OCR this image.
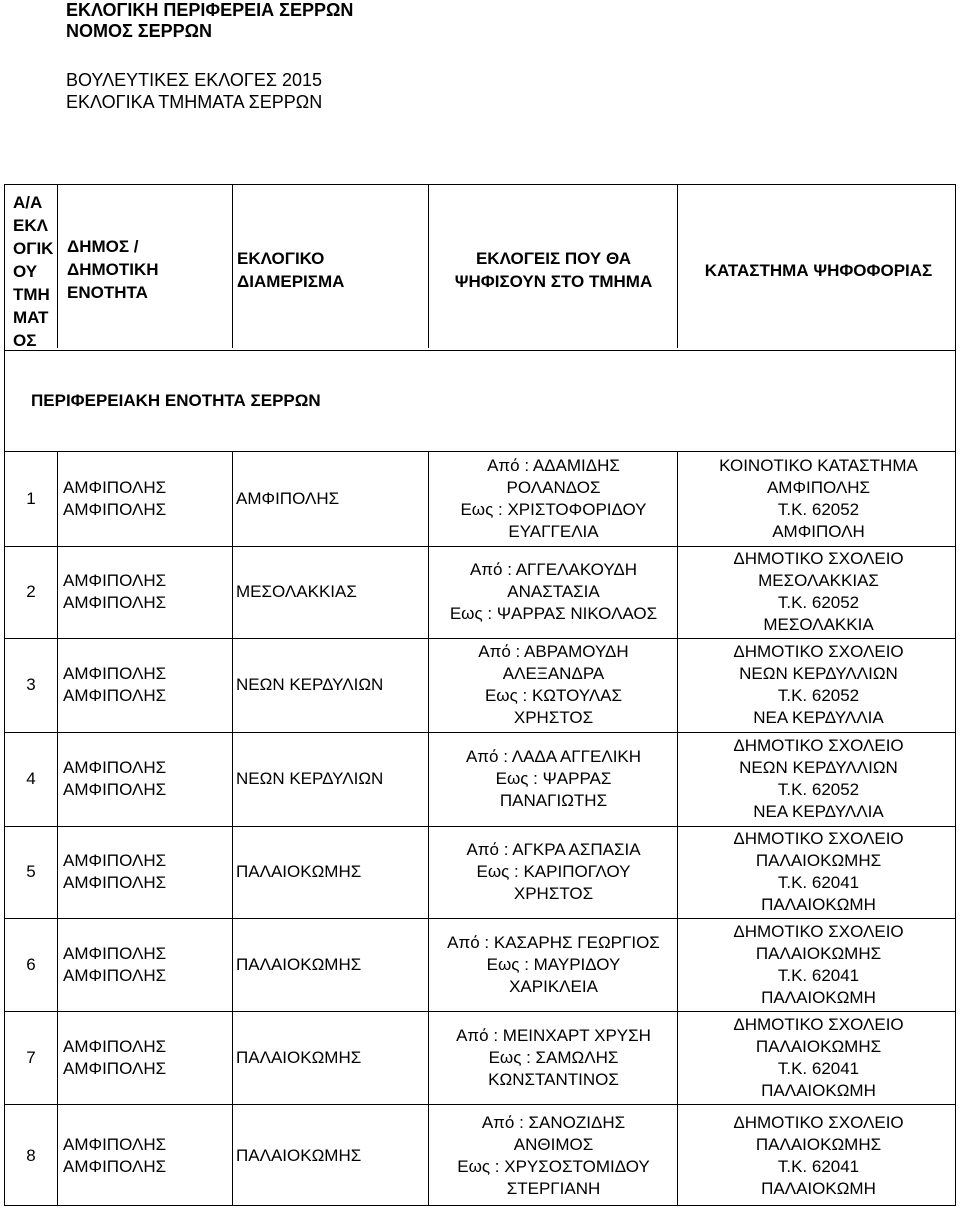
ΕΚΛΟΓΙΚΗ ΠΕΡΙΦΕΡΕΙΑ ΣΕΡΡΩΝ
ΝΟΜΟΣ ΣΕΡΡΩΝ
ΒΟΥΛΕΥΤΙΚΕΣ ΕΚΛΟΓΕΣ 2015
ΕΚΛΟΓΙΚΑ ΤΜΗΜΑΤΑ ΣΕΡΡΩΝ
Α/Α
ΕΚΛ
ΟΓΙΚ
ΟΥ
ΤΜΗ
ΜΑΤ
ΟΣ
ΔΗΜΟΣ /
ΔΗΜΟΤΙΚΗ
ΕΝΟΤΗΤΑ
ΕΚΛΟΓΙΚΟ
ΔΙΑΜΕΡΙΣΜΑ
ΕΚΛΟΓΕΙΣ ΠΟΥ ΘΑ
ΨΗΦΙΣΟΥΝ ΣΤΟ ΤΜΗΜΑ
ΚΑΤΑΣΤΗΜΑ ΨΗΦΟΦΟΡΙΑΣ
ΠΕΡΙΦΕΡΕΙΑΚΗ ΕΝΟΤΗΤΑ ΣΕΡΡΩΝ
1
ΑΜΦΙΠΟΛΗΣ
ΑΜΦΙΠΟΛΗΣ
ΑΜΦΙΠΟΛΗΣ
Από : ΑΔΑΜΙΔΗΣ
ΡΟΛΑΝΔΟΣ
Εως : ΧΡΙΣΤΟΦΟΡΙΔΟΥ
ΕΥΑΓΓΕΛΙΑ
ΚΟΙΝΟΤΙΚΟ ΚΑΤΑΣΤΗΜΑ
ΑΜΦΙΠΟΛΗΣ
Τ.Κ. 62052
ΑΜΦΙΠΟΛΗ
2
ΑΜΦΙΠΟΛΗΣ
ΑΜΦΙΠΟΛΗΣ
ΜΕΣΟΛΑΚΚΙΑΣ
Από : ΑΓΓΕΛΑΚΟΥΔΗ
ΑΝΑΣΤΑΣΙΑ
Εως : ΨΑΡΡΑΣ ΝΙΚΟΛΑΟΣ
ΔΗΜΟΤΙΚΟ ΣΧΟΛΕΙΟ
ΜΕΣΟΛΑΚΚΙΑΣ
Τ.Κ. 62052
ΜΕΣΟΛΑΚΚΙΑ
3
ΑΜΦΙΠΟΛΗΣ
ΑΜΦΙΠΟΛΗΣ
ΝΕΩΝ ΚΕΡΔΥΛΙΩΝ
Από : ΑΒΡΑΜΟΥΔΗ
ΑΛΕΞΑΝΔΡΑ
Εως : ΚΩΤΟΥΛΑΣ
ΧΡΗΣΤΟΣ
ΔΗΜΟΤΙΚΟ ΣΧΟΛΕΙΟ
ΝΕΩΝ ΚΕΡΔΥΛΛΙΩΝ
Τ.Κ. 62052
ΝΕΑ ΚΕΡΔΥΛΛΙΑ
4
ΑΜΦΙΠΟΛΗΣ
ΑΜΦΙΠΟΛΗΣ
ΝΕΩΝ ΚΕΡΔΥΛΙΩΝ
Από : ΛΑΔΑ ΑΓΓΕΛΙΚΗ
Εως : ΨΑΡΡΑΣ
ΠΑΝΑΓΙΩΤΗΣ
ΔΗΜΟΤΙΚΟ ΣΧΟΛΕΙΟ
ΝΕΩΝ ΚΕΡΔΥΛΛΙΩΝ
Τ.Κ. 62052
ΝΕΑ ΚΕΡΔΥΛΛΙΑ
5
ΑΜΦΙΠΟΛΗΣ
ΑΜΦΙΠΟΛΗΣ
ΠΑΛΑΙΟΚΩΜΗΣ
Από : ΑΓΚΡΑ ΑΣΠΑΣΙΑ
Εως : ΚΑΡΙΠΟΓΛΟΥ
ΧΡΗΣΤΟΣ
ΔΗΜΟΤΙΚΟ ΣΧΟΛΕΙΟ
ΠΑΛΑΙΟΚΩΜΗΣ
Τ.Κ. 62041
ΠΑΛΑΙΟΚΩΜΗ
6
ΑΜΦΙΠΟΛΗΣ
ΑΜΦΙΠΟΛΗΣ
ΠΑΛΑΙΟΚΩΜΗΣ
Από : ΚΑΣΑΡΗΣ ΓΕΩΡΓΙΟΣ
Εως : ΜΑΥΡΙΔΟΥ
ΧΑΡΙΚΛΕΙΑ
ΔΗΜΟΤΙΚΟ ΣΧΟΛΕΙΟ
ΠΑΛΑΙΟΚΩΜΗΣ
Τ.Κ. 62041
ΠΑΛΑΙΟΚΩΜΗ
7
ΑΜΦΙΠΟΛΗΣ
ΑΜΦΙΠΟΛΗΣ
ΠΑΛΑΙΟΚΩΜΗΣ
Από : ΜΕΙΝΧΑΡΤ ΧΡΥΣΗ
Εως : ΣΑΜΩΛΗΣ
ΚΩΝΣΤΑΝΤΙΝΟΣ
ΔΗΜΟΤΙΚΟ ΣΧΟΛΕΙΟ
ΠΑΛΑΙΟΚΩΜΗΣ
Τ.Κ. 62041
ΠΑΛΑΙΟΚΩΜΗ
8
ΑΜΦΙΠΟΛΗΣ
ΑΜΦΙΠΟΛΗΣ
ΠΑΛΑΙΟΚΩΜΗΣ
Από : ΣΑΝΟΖΙΔΗΣ
ΑΝΘΙΜΟΣ
Εως : ΧΡΥΣΟΣΤΟΜΙΔΟΥ
ΣΤΕΡΓΙΑΝΗ
ΔΗΜΟΤΙΚΟ ΣΧΟΛΕΙΟ
ΠΑΛΑΙΟΚΩΜΗΣ
Τ.Κ. 62041
ΠΑΛΑΙΟΚΩΜΗ
